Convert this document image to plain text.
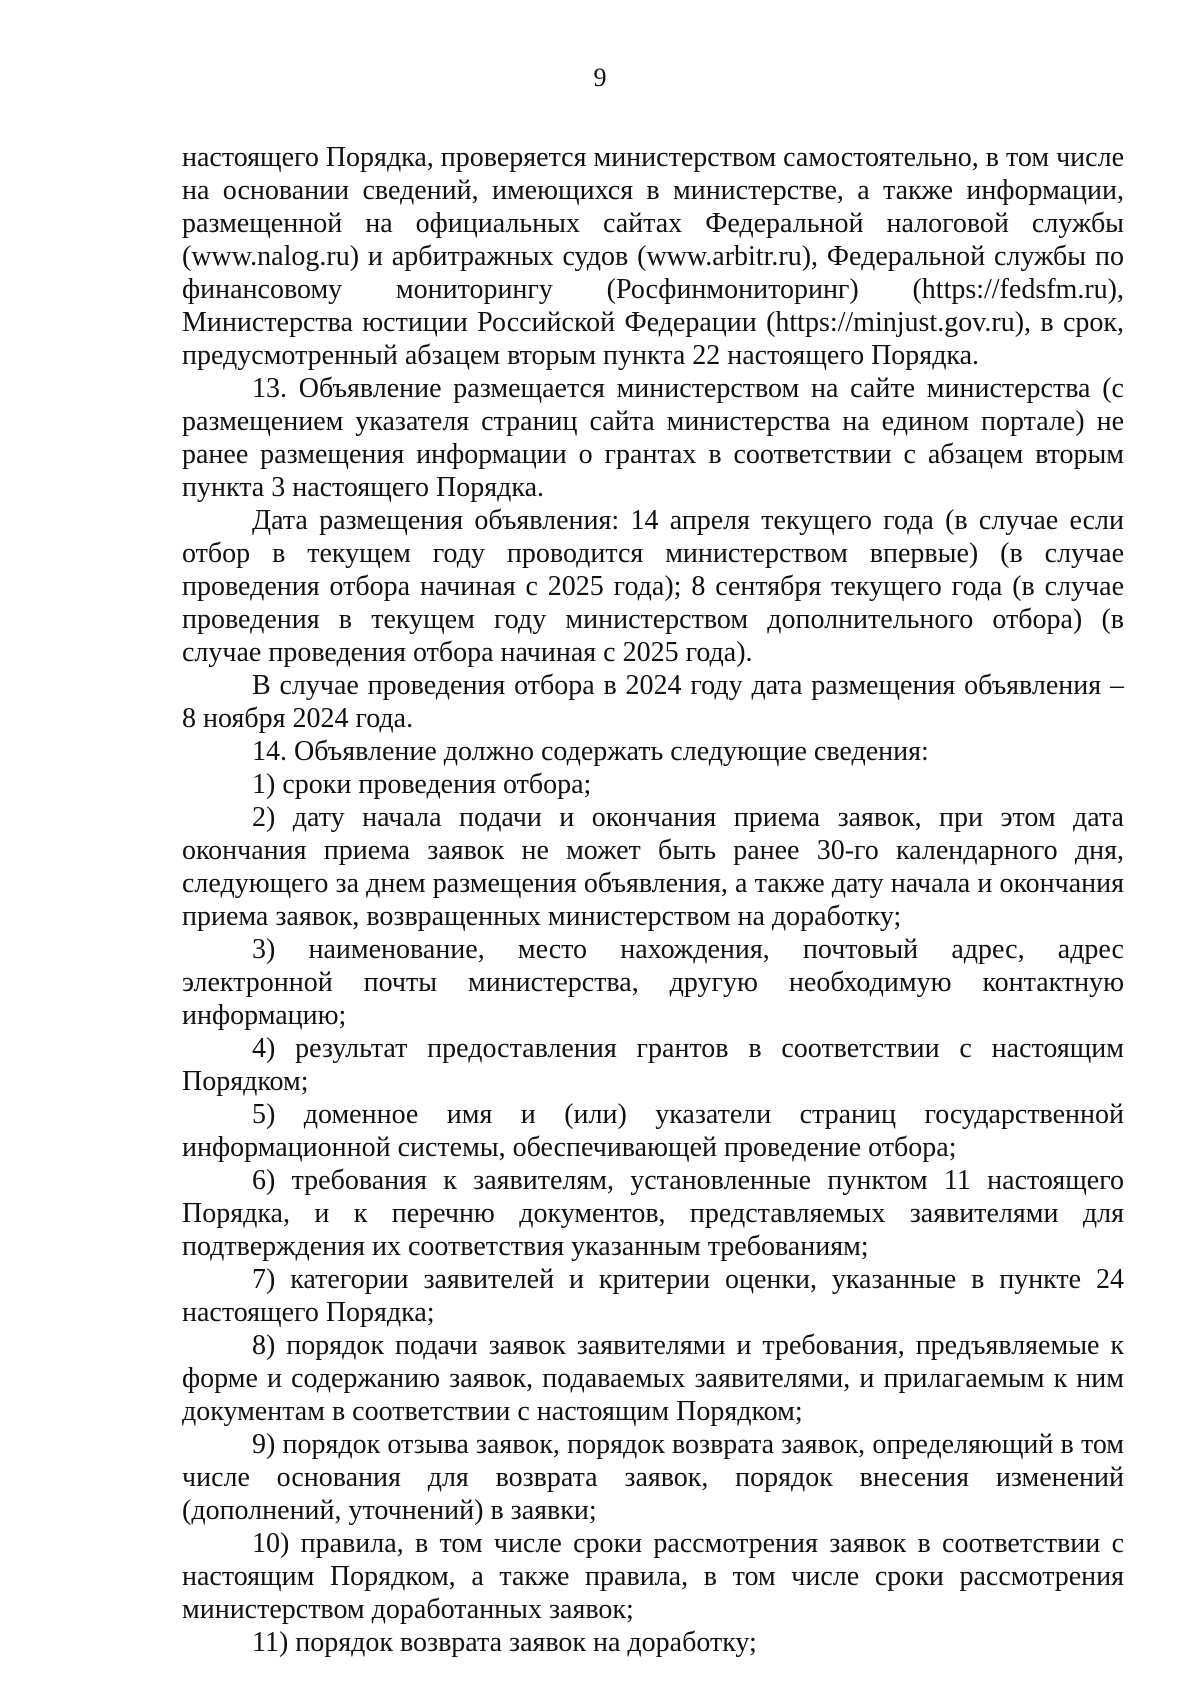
9

настоящего Порядка, проверяется министерством самостоятельно, в том числе на основании сведений, имеющихся в министерстве, а также информации, размещенной на официальных сайтах Федеральной налоговой службы (www.nalog.ru) и арбитражных судов (www.arbitr.ru), Федеральной службы по финансовому мониторингу (Росфинмониторинг) (https://fedsfm.ru), Министерства юстиции Российской Федерации (https://minjust.gov.ru), в срок, предусмотренный абзацем вторым пункта 22 настоящего Порядка.

13. Объявление размещается министерством на сайте министерства (с размещением указателя страниц сайта министерства на едином портале) не ранее размещения информации о грантах в соответствии с абзацем вторым пункта 3 настоящего Порядка.

Дата размещения объявления: 14 апреля текущего года (в случае если отбор в текущем году проводится министерством впервые) (в случае проведения отбора начиная с 2025 года); 8 сентября текущего года (в случае проведения в текущем году министерством дополнительного отбора) (в случае проведения отбора начиная с 2025 года).

В случае проведения отбора в 2024 году дата размещения объявления – 8 ноября 2024 года.

14. Объявление должно содержать следующие сведения:

1) сроки проведения отбора;

2) дату начала подачи и окончания приема заявок, при этом дата окончания приема заявок не может быть ранее 30-го календарного дня, следующего за днем размещения объявления, а также дату начала и окончания приема заявок, возвращенных министерством на доработку;

3) наименование, место нахождения, почтовый адрес, адрес электронной почты министерства, другую необходимую контактную информацию;

4) результат предоставления грантов в соответствии с настоящим Порядком;

5) доменное имя и (или) указатели страниц государственной информационной системы, обеспечивающей проведение отбора;

6) требования к заявителям, установленные пунктом 11 настоящего Порядка, и к перечню документов, представляемых заявителями для подтверждения их соответствия указанным требованиям;

7) категории заявителей и критерии оценки, указанные в пункте 24 настоящего Порядка;

8) порядок подачи заявок заявителями и требования, предъявляемые к форме и содержанию заявок, подаваемых заявителями, и прилагаемым к ним документам в соответствии с настоящим Порядком;

9) порядок отзыва заявок, порядок возврата заявок, определяющий в том числе основания для возврата заявок, порядок внесения изменений (дополнений, уточнений) в заявки;

10) правила, в том числе сроки рассмотрения заявок в соответствии с настоящим Порядком, а также правила, в том числе сроки рассмотрения министерством доработанных заявок;

11) порядок возврата заявок на доработку;
